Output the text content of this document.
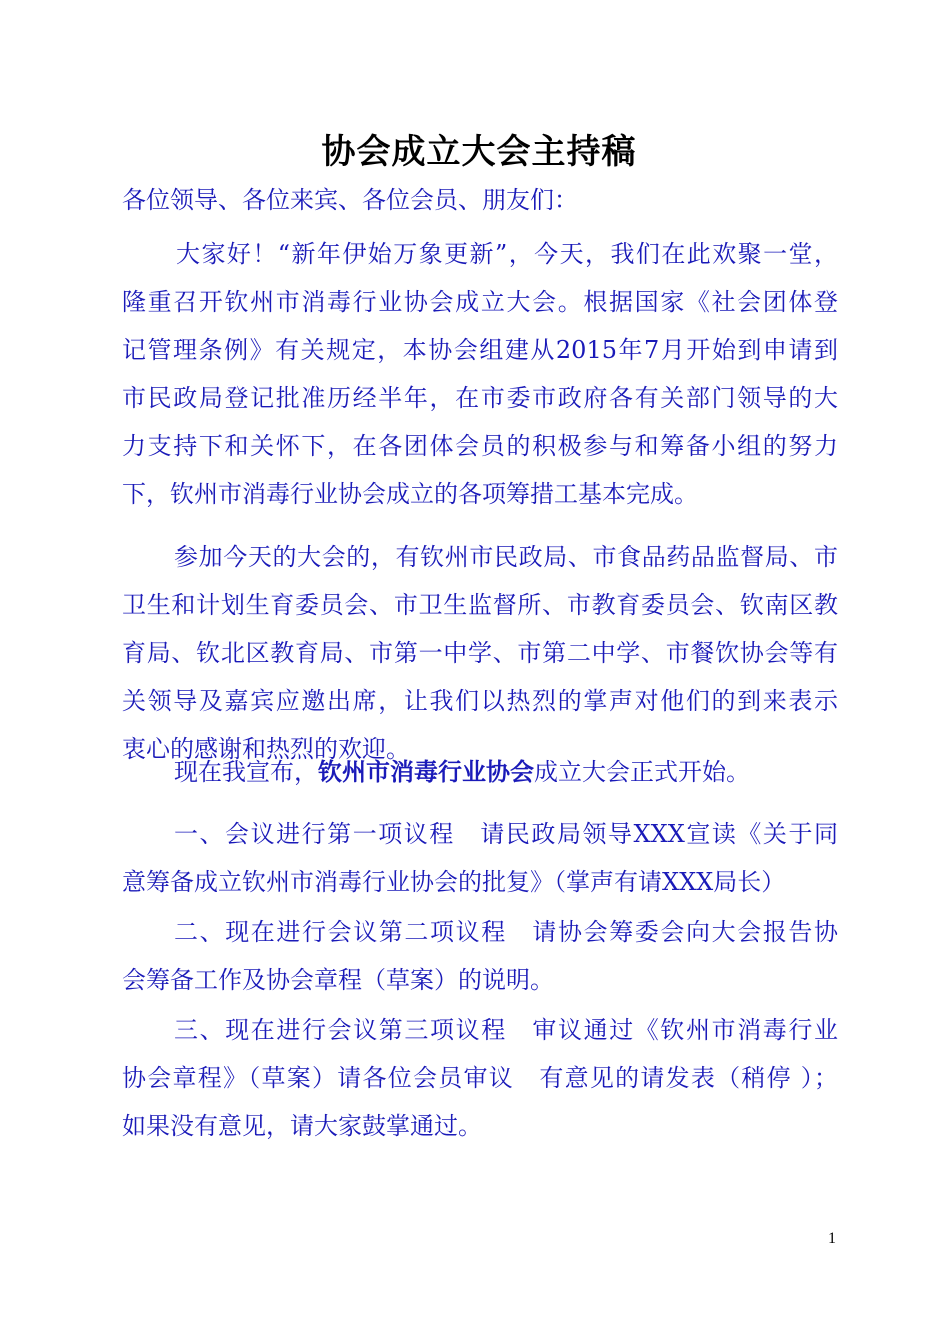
协会成立大会主持稿
各位领导、各位来宾、各位会员、朋友们：
大家好！“新年伊始万象更新”，今天，我们在此欢聚一堂，
隆重召开钦州市消毒行业协会成立大会。根据国家《社会团体登
记管理条例》有关规定，本协会组建从2015年7月开始到申请到
市民政局登记批准历经半年，在市委市政府各有关部门领导的大
力支持下和关怀下，在各团体会员的积极参与和筹备小组的努力
下，钦州市消毒行业协会成立的各项筹措工基本完成。
参加今天的大会的，有钦州市民政局、市食品药品监督局、市
卫生和计划生育委员会、市卫生监督所、市教育委员会、钦南区教
育局、钦北区教育局、市第一中学、市第二中学、市餐饮协会等有
关领导及嘉宾应邀出席，让我们以热烈的掌声对他们的到来表示
衷心的感谢和热烈的欢迎。
现在我宣布，钦州市消毒行业协会成立大会正式开始。
一、会议进行第一项议程　请民政局领导XXX宣读《关于同
意筹备成立钦州市消毒行业协会的批复》（掌声有请XXX局长）
二、现在进行会议第二项议程　请协会筹委会向大会报告协
会筹备工作及协会章程（草案）的说明。
三、现在进行会议第三项议程　审议通过《钦州市消毒行业
协会章程》（草案）请各位会员审议　有意见的请发表（稍停 ）；
如果没有意见，请大家鼓掌通过。
1
